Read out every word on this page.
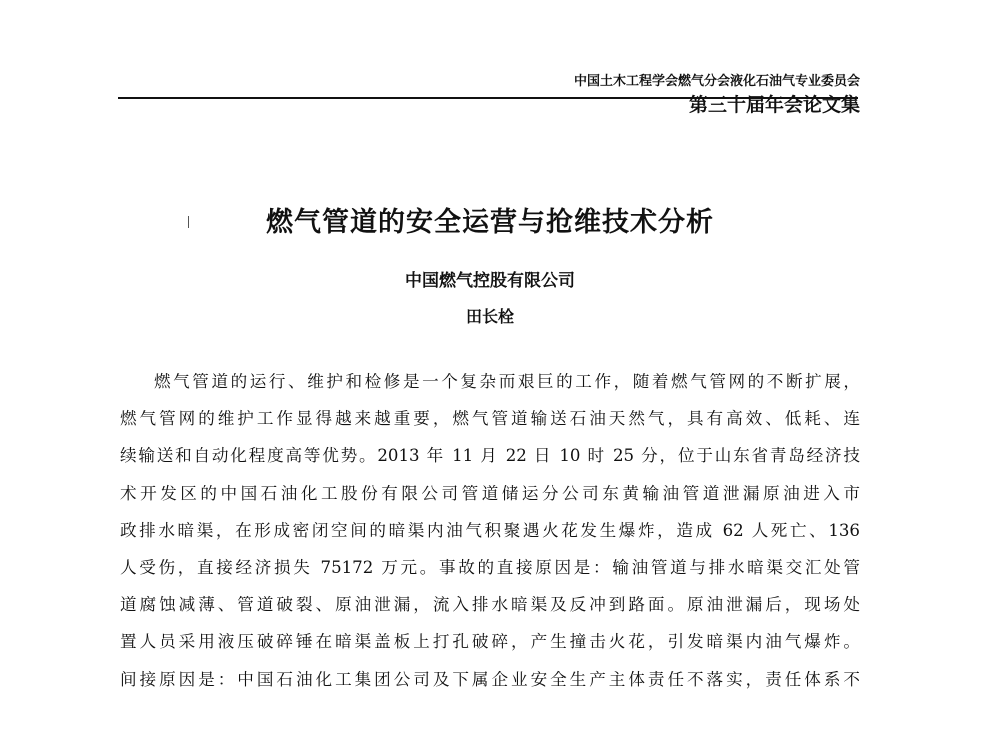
中国土木工程学会燃气分会液化石油气专业委员会
第三十届年会论文集
燃气管道的安全运营与抢维技术分析
中国燃气控股有限公司
田长栓
燃气管道的运行、维护和检修是一个复杂而艰巨的工作，随着燃气管网的不断扩展，
燃气管网的维护工作显得越来越重要，燃气管道输送石油天然气，具有高效、低耗、连
续输送和自动化程度高等优势。2013 年 11 月 22 日 10 时 25 分，位于山东省青岛经济技
术开发区的中国石油化工股份有限公司管道储运分公司东黄输油管道泄漏原油进入市
政排水暗渠，在形成密闭空间的暗渠内油气积聚遇火花发生爆炸，造成 62 人死亡、136
人受伤，直接经济损失 75172 万元。事故的直接原因是：输油管道与排水暗渠交汇处管
道腐蚀减薄、管道破裂、原油泄漏，流入排水暗渠及反冲到路面。原油泄漏后，现场处
置人员采用液压破碎锤在暗渠盖板上打孔破碎，产生撞击火花，引发暗渠内油气爆炸。
间接原因是：中国石油化工集团公司及下属企业安全生产主体责任不落实，责任体系不
